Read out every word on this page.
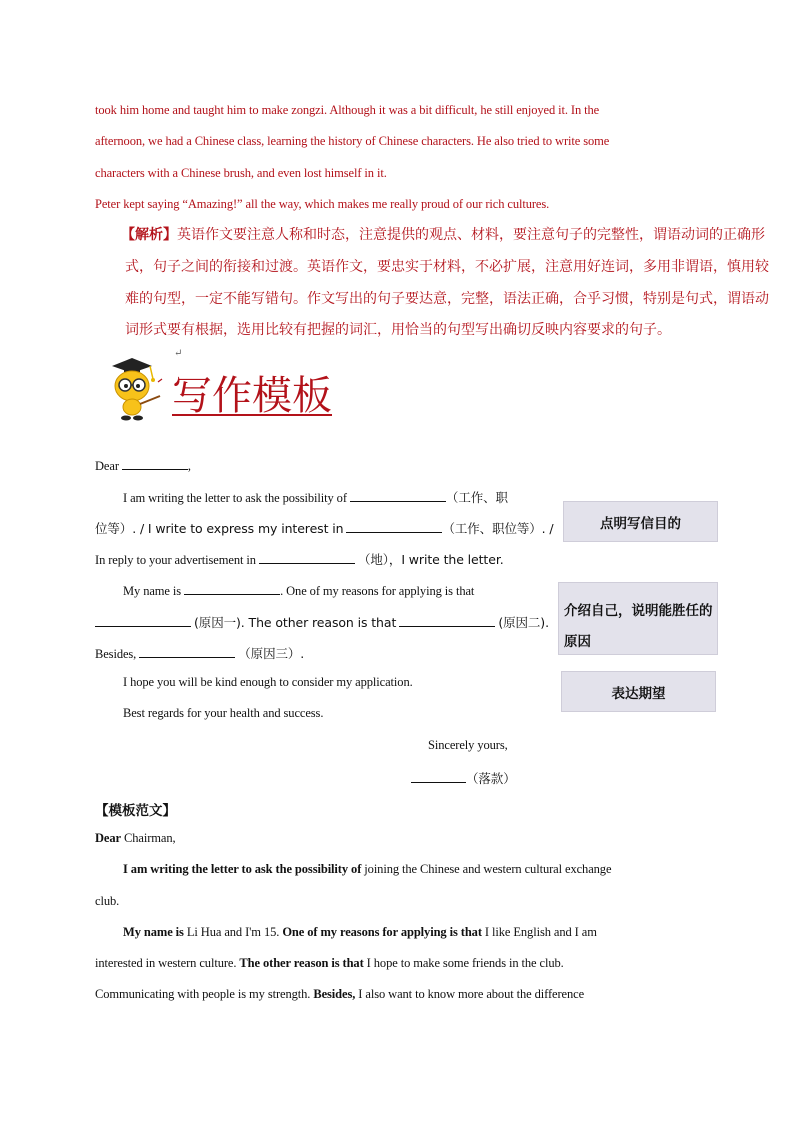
took him home and taught him to make zongzi. Although it was a bit difficult, he still enjoyed it. In the
afternoon, we had a Chinese class, learning the history of Chinese characters. He also tried to write some
characters with a Chinese brush, and even lost himself in it.
Peter kept saying “Amazing!” all the way, which makes me really proud of our rich cultures.
【解析】英语作文要注意人称和时态，注意提供的观点、材料，要注意句子的完整性，谓语动词的正确形
式，句子之间的衔接和过渡。英语作文，要忠实于材料，不必扩展，注意用好连词，多用非谓语，慎用较
难的句型，一定不能写错句。作文写出的句子要达意，完整，语法正确，合乎习惯，特别是句式，谓语动
词形式要有根据，选用比较有把握的词汇，用恰当的句型写出确切反映内容要求的句子。
↵
写作模板
Dear	,
I am writing the letter to ask the possibility of	（工作、职
位等）. / I write to express my interest in	（工作、职位等）. /
In reply to your advertisement in	（地），I write the letter.
My name is	. One of my reasons for applying is that
(原因一). The other reason is that	(原因二).
Besides,	（原因三）.
I hope you will be kind enough to consider my application.
Best regards for your health and success.
Sincerely yours,
（落款）
点明写信目的
介绍自己，说明能胜任的
原因
表达期望
【模板范文】
Dear Chairman,
I am writing the letter to ask the possibility of joining the Chinese and western cultural exchange
club.
My name is Li Hua and I'm 15. One of my reasons for applying is that I like English and I am
interested in western culture. The other reason is that I hope to make some friends in the club.
Communicating with people is my strength. Besides, I also want to know more about the difference
